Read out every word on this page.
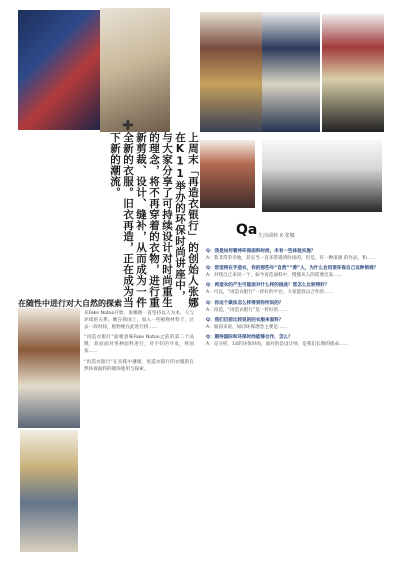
✚
上周末「再造衣银行」的创始人张娜在K11举办的环保时尚讲座中，与大家分享了可持续设计对时尚重生的理念，将不再穿着的衣物，进行重新剪裁、设计、缝补，从而成为一件全新的衣服。旧衣再造，正在成为当下新的潮流。
Qa 生活调料 X 张娜
在随性中进行对大自然的探索

从Fake Natoo开始，张娜便一直坚持以人为本，人与环境的关系。她在韩国上，加入一些植物材料于，过去一段时间，植物便在此进行拼……

“再造衣银行”面板意味Fake Natoo之前的第二个品牌，故而面对各种面料进行，对不好的开发，将国家……

“再造衣银行”在实践中遵循，再造衣银行的衣服的自然环保面料的循环使用与探索。

Q：我是如何看待环保面料时尚，未有一些体验实施？
A：我非常荣幸地，其实当一直多带遇到时尚的，但是，有一种深感 的作品，和……

Q：您觉得在手造衣，你的那些年“自然”“善”人，为什么会用很环保自己这种领域？
A：对我自己来说一个，如今再造面料中，慢慢从人的需要出发……

Q：再造衣的产生可能面对什么样的挑战？您怎么比较得好？
A：可以，“再造衣银行”一样好的平台，大家能找以合作的……

Q：你这个做法怎么样得到你所说的？
A：再造，“再造衣银行”是一样好的……

Q：我们目前比较说的的衣服来面料？
A：面前来说，如同环保理念主要是……

Q：期待国际和环保时尚能够合作，怎么？
A：是分析，14的环保时尚，面对的是设计师，是我们长期的使命……
